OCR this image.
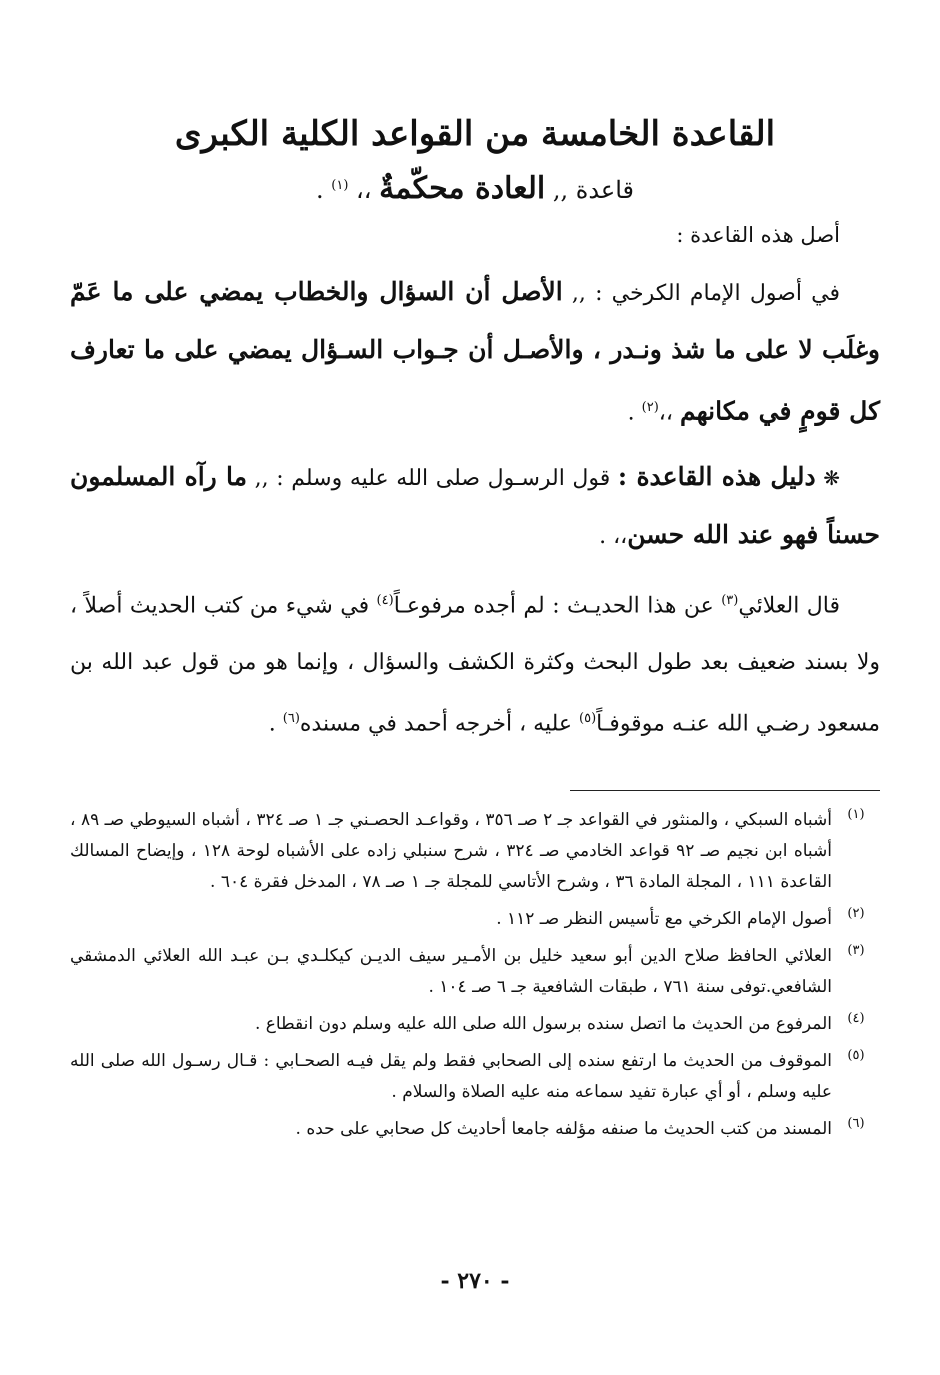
القاعدة الخامسة من القواعد الكلية الكبرى
قاعدة ,, العادة محكّمةٌ ،، $^{(١)}$ .
أصل هذه القاعدة :

في أصول الإمام الكرخي : ,, الأصل أن السؤال والخطاب يمضي على ما عَمّ وغلَب لا على ما شذ ونـدر ، والأصـل أن جـواب السـؤال يمضي على ما تعارف كل قومٍ في مكانهم ،،$^{(٢)}$ .

❋ دليل هذه القاعدة : قول الرسـول صلى الله عليه وسلم : ,, ما رآه المسلمون حسناً فهو عند الله حسن،، .

قال العلائي$^{(٣)}$ عن هذا الحديـث : لم أجده مرفوعـاً$^{(٤)}$ في شيء من كتب الحديث أصلاً ، ولا بسند ضعيف بعد طول البحث وكثرة الكشف والسؤال ، وإنما هو من قول عبد الله بن مسعود رضـي الله عنـه موقوفـاً$^{(٥)}$ عليه ، أخرجه أحمد في مسنده$^{(٦)}$ .

(١)
أشباه السبكي ، والمنثور في القواعد جـ ٢ صـ ٣٥٦ ، وقواعـد الحصـني جـ ١ صـ ٣٢٤ ، أشباه السيوطي صـ ٨٩ ، أشباه ابن نجيم صـ ٩٢ قواعد الخادمي صـ ٣٢٤ ، شرح سنبلي زاده على الأشباه لوحة ١٢٨ ، وإيضاح المسالك القاعدة ١١١ ، المجلة المادة ٣٦ ، وشرح الأتاسي للمجلة جـ ١ صـ ٧٨ ، المدخل فقرة ٦٠٤ .
(٢)
أصول الإمام الكرخي مع تأسيس النظر صـ ١١٢ .
(٣)
العلائي الحافظ صلاح الدين أبو سعيد خليل بن الأمـير سيف الديـن كيكلـدي بـن عبـد الله العلائي الدمشقي الشافعي.توفى سنة ٧٦١ ، طبقات الشافعية جـ ٦ صـ ١٠٤ .
(٤)
المرفوع من الحديث ما اتصل سنده برسول الله صلى الله عليه وسلم دون انقطاع .
(٥)
الموقوف من الحديث ما ارتفع سنده إلى الصحابي فقط ولم يقل فيـه الصحـابي : قـال رسـول الله صلى الله عليه وسلم ، أو أي عبارة تفيد سماعه منه عليه الصلاة والسلام .
(٦)
المسند من كتب الحديث ما صنفه مؤلفه جامعا أحاديث كل صحابي على حده .
- ٢٧٠ -
